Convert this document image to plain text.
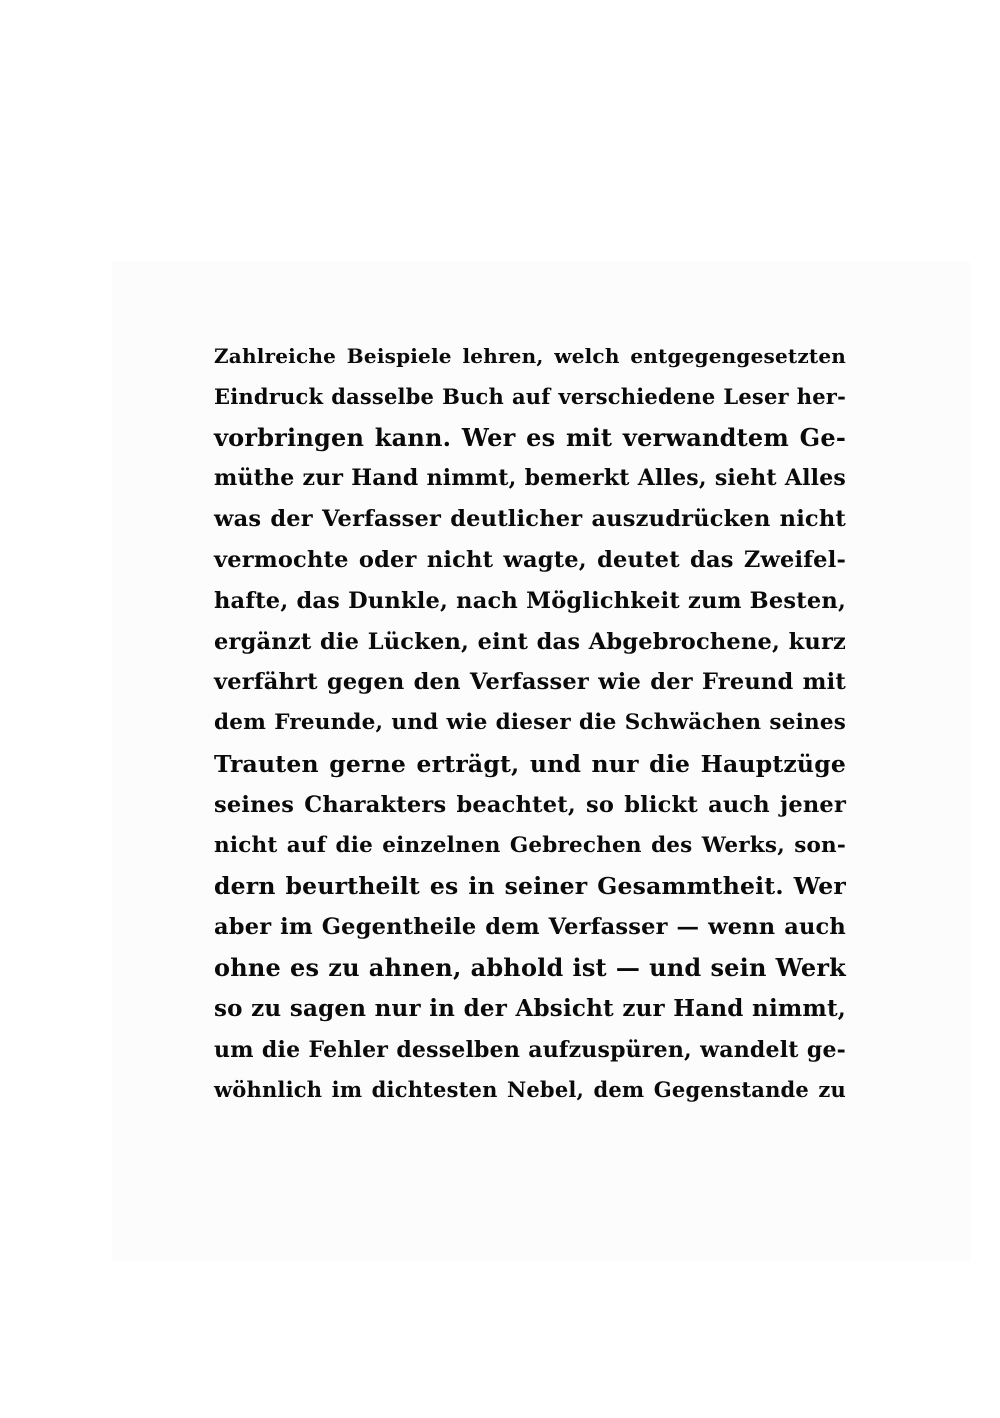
Zahlreiche Beispiele lehren, welch entgegengesetzten
Eindruck dasselbe Buch auf verschiedene Leser her-
vorbringen kann. Wer es mit verwandtem Ge-
müthe zur Hand nimmt, bemerkt Alles, sieht Alles
was der Verfasser deutlicher auszudrücken nicht
vermochte oder nicht wagte, deutet das Zweifel-
hafte, das Dunkle, nach Möglichkeit zum Besten,
ergänzt die Lücken, eint das Abgebrochene, kurz
verfährt gegen den Verfasser wie der Freund mit
dem Freunde, und wie dieser die Schwächen seines
Trauten gerne erträgt, und nur die Hauptzüge
seines Charakters beachtet, so blickt auch jener
nicht auf die einzelnen Gebrechen des Werks, son-
dern beurtheilt es in seiner Gesammtheit. Wer
aber im Gegentheile dem Verfasser — wenn auch
ohne es zu ahnen, abhold ist — und sein Werk
so zu sagen nur in der Absicht zur Hand nimmt,
um die Fehler desselben aufzuspüren, wandelt ge-
wöhnlich im dichtesten Nebel, dem Gegenstande zu
